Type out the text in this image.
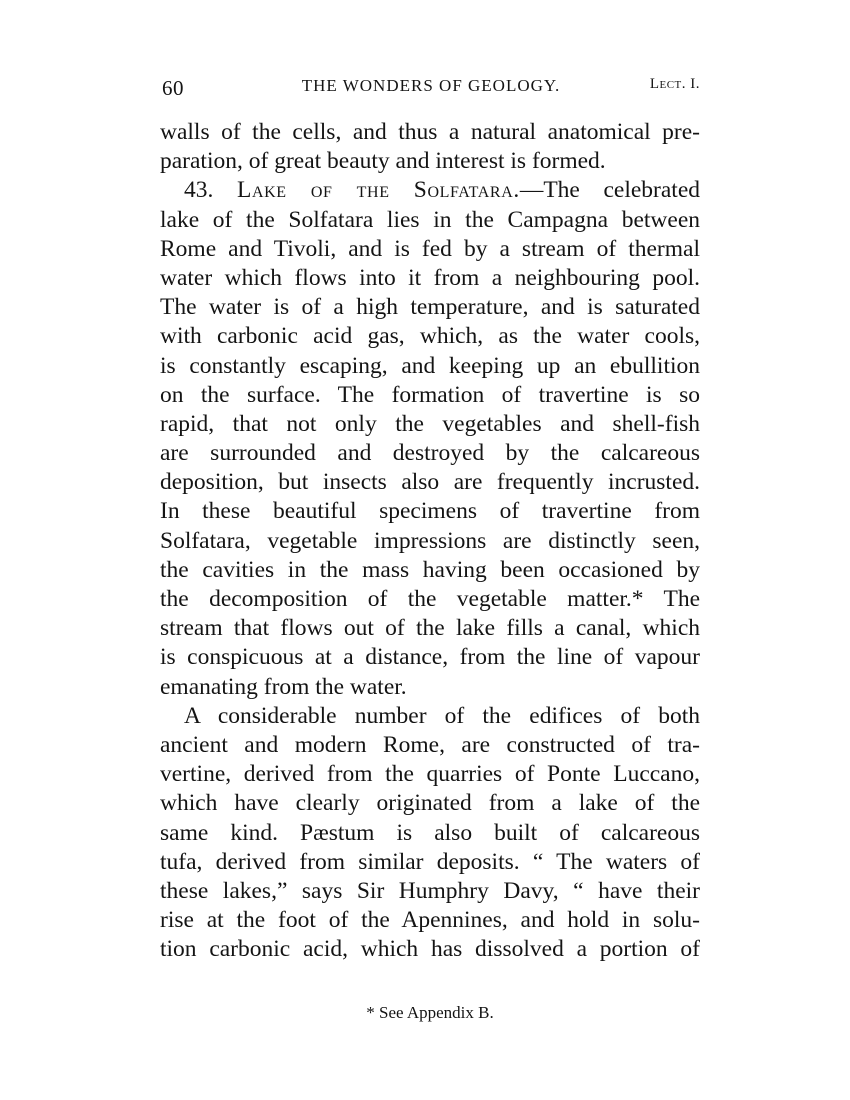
60	THE WONDERS OF GEOLOGY.	Lect. I.
walls of the cells, and thus a natural anatomical pre-
paration, of great beauty and interest is formed.
43. Lake of the Solfatara.—The celebrated
lake of the Solfatara lies in the Campagna between
Rome and Tivoli, and is fed by a stream of thermal
water which flows into it from a neighbouring pool.
The water is of a high temperature, and is saturated
with carbonic acid gas, which, as the water cools,
is constantly escaping, and keeping up an ebullition
on the surface. The formation of travertine is so
rapid, that not only the vegetables and shell-fish
are surrounded and destroyed by the calcareous
deposition, but insects also are frequently incrusted.
In these beautiful specimens of travertine from
Solfatara, vegetable impressions are distinctly seen,
the cavities in the mass having been occasioned by
the decomposition of the vegetable matter.* The
stream that flows out of the lake fills a canal, which
is conspicuous at a distance, from the line of vapour
emanating from the water.
A considerable number of the edifices of both
ancient and modern Rome, are constructed of tra-
vertine, derived from the quarries of Ponte Luccano,
which have clearly originated from a lake of the
same kind. Pæstum is also built of calcareous
tufa, derived from similar deposits. “ The waters of
these lakes,” says Sir Humphry Davy, “ have their
rise at the foot of the Apennines, and hold in solu-
tion carbonic acid, which has dissolved a portion of
* See Appendix B.
